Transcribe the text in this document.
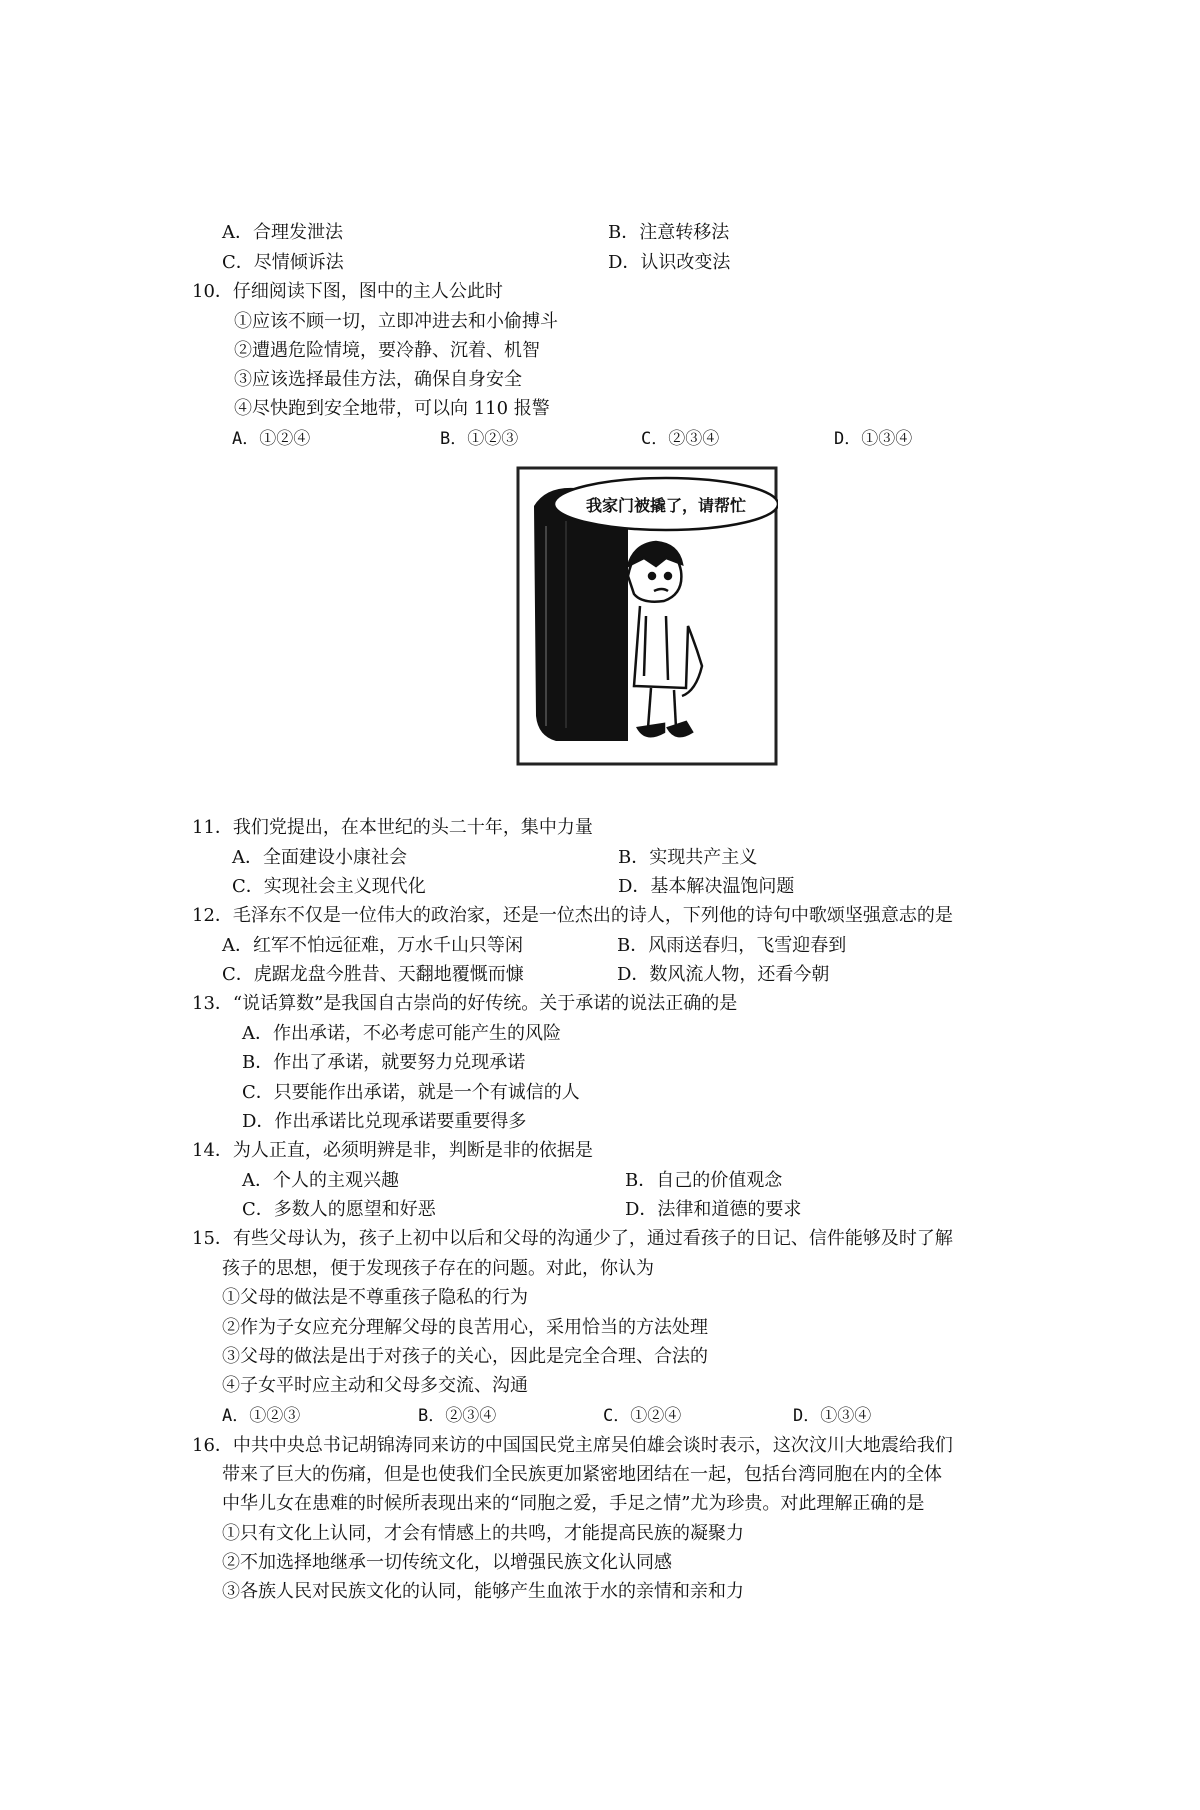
A．合理发泄法	B．注意转移法
C．尽情倾诉法	D．认识改变法
10．仔细阅读下图，图中的主人公此时
①应该不顾一切，立即冲进去和小偷搏斗
②遭遇危险情境，要冷静、沉着、机智
③应该选择最佳方法，确保自身安全
④尽快跑到安全地带，可以向 110 报警
A．①②④	B．①②③	C．②③④	D．①③④
我家门被撬了，请帮忙
11．我们党提出，在本世纪的头二十年，集中力量
A．全面建设小康社会	B．实现共产主义
C．实现社会主义现代化	D．基本解决温饱问题
12．毛泽东不仅是一位伟大的政治家，还是一位杰出的诗人，下列他的诗句中歌颂坚强意志的是
A．红军不怕远征难，万水千山只等闲	B．风雨送春归，飞雪迎春到
C．虎踞龙盘今胜昔、天翻地覆慨而慷	D．数风流人物，还看今朝
13．“说话算数”是我国自古崇尚的好传统。关于承诺的说法正确的是
A．作出承诺，不必考虑可能产生的风险
B．作出了承诺，就要努力兑现承诺
C．只要能作出承诺，就是一个有诚信的人
D．作出承诺比兑现承诺要重要得多
14．为人正直，必须明辨是非，判断是非的依据是
A．个人的主观兴趣	B．自己的价值观念
C．多数人的愿望和好恶	D．法律和道德的要求
15．有些父母认为，孩子上初中以后和父母的沟通少了，通过看孩子的日记、信件能够及时了解
孩子的思想，便于发现孩子存在的问题。对此，你认为
①父母的做法是不尊重孩子隐私的行为
②作为子女应充分理解父母的良苦用心，采用恰当的方法处理
③父母的做法是出于对孩子的关心，因此是完全合理、合法的
④子女平时应主动和父母多交流、沟通
A．①②③	B．②③④	C．①②④	D．①③④
16．中共中央总书记胡锦涛同来访的中国国民党主席吴伯雄会谈时表示，这次汶川大地震给我们
带来了巨大的伤痛，但是也使我们全民族更加紧密地团结在一起，包括台湾同胞在内的全体
中华儿女在患难的时候所表现出来的“同胞之爱，手足之情”尤为珍贵。对此理解正确的是
①只有文化上认同，才会有情感上的共鸣，才能提高民族的凝聚力
②不加选择地继承一切传统文化，以增强民族文化认同感
③各族人民对民族文化的认同，能够产生血浓于水的亲情和亲和力
